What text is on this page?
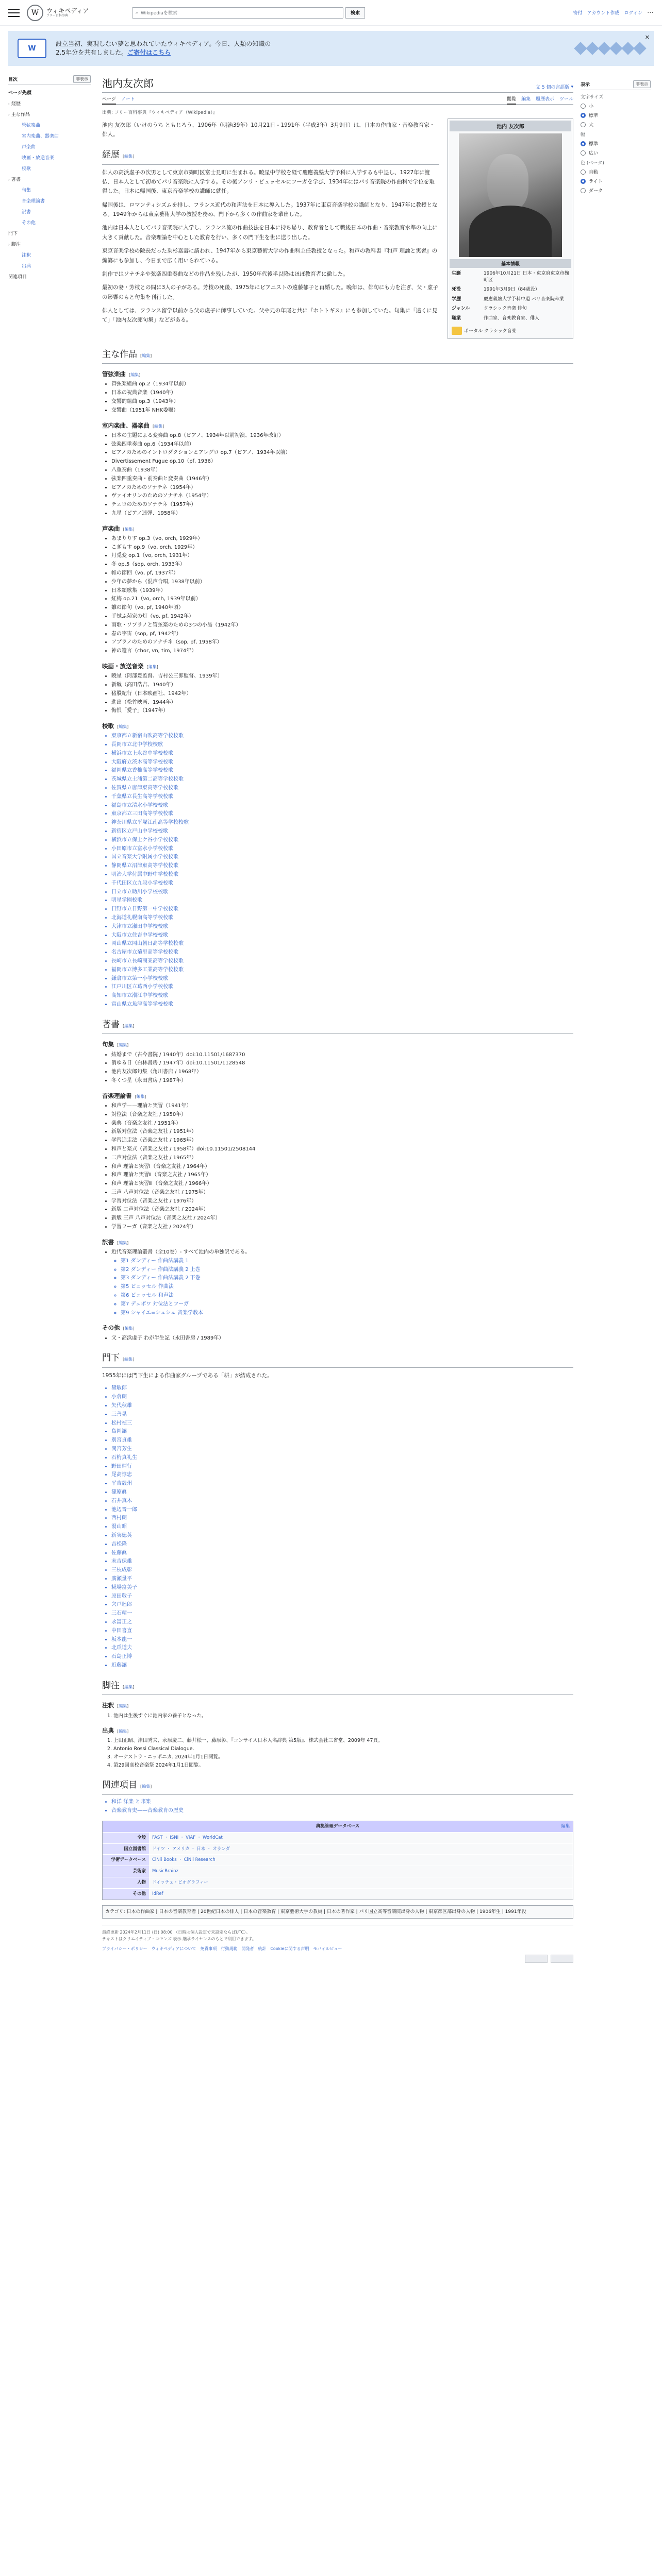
W	ウィキペディア
フリー百科事典
⌕ Wikipediaを検索	検索	寄付 アカウント作成 ログイン ⋯
W
設立当初、実現しない夢と思われていたウィキペディア。今日、人類の知識の2.5年分を共有しました。ご寄付はこちら
✕
目次	非表示
ページ先頭
› 経歴
› 主な作品
管弦楽曲
室内楽曲、器楽曲
声楽曲
映画・放送音楽
校歌
› 著書
句集
音楽理論書
訳書
その他
門下
› 脚注
注釈
出典
関連項目
池内友次郎	文 5 個の言語版 ▾
ページ ノート	閲覧 編集 履歴表示 ツール
出典: フリー百科事典『ウィキペディア（Wikipedia）』

池内 友次郎（いけのうち ともじろう、1906年（明治39年）10月21日 - 1991年（平成3年）3月9日）は、日本の作曲家・音楽教育家・俳人。

経歴 [編集]

俳人の高浜虚子の次男として東京市麹町区富士見町に生まれる。暁星中学校を経て慶應義塾大学予科に入学するも中退し、1927年に渡仏、日本人として初めてパリ音楽院に入学する。その後アンリ・ビュッセルにフーガを学び、1934年にはパリ音楽院の作曲科で学位を取得した。日本に帰国後、東京音楽学校の講師に就任。

帰国後は、ロマンティシズムを排し、フランス近代の和声法を日本に導入した。1937年に東京音楽学校の講師となり、1947年に教授となる。1949年からは東京藝術大学の教授を務め、門下から多くの作曲家を輩出した。

池内は日本人としてパリ音楽院に入学し、フランス流の作曲技法を日本に持ち帰り、教育者として戦後日本の作曲・音楽教育水準の向上に大きく貢献した。音楽理論を中心とした教育を行い、多くの門下生を世に送り出した。

東京音楽学校の院長だった乗杉嘉壽に請われ、1947年から東京藝術大学の作曲科主任教授となった。和声の教科書『和声 理論と実習』の編纂にも参加し、今日まで広く用いられている。

創作ではソナチネや弦楽四重奏曲などの作品を残したが、1950年代後半以降はほぼ教育者に徹した。

最初の妻・芳枝との間に3人の子がある。芳枝の死後、1975年にピアニストの遠藤郁子と再婚した。晩年は、俳句にも力を注ぎ、父・虚子の影響のもと句集を刊行した。

俳人としては、フランス留学以前から父の虚子に師事していた。父や兄の年尾と共に『ホトトギス』にも参加していた。句集に「遠くに見て」「池内友次郎句集」などがある。

池内 友次郎
基本情報
生誕	1906年10月21日 日本・東京府東京市麹町区
死没	1991年3月9日（84歳没）
学歴	慶應義塾大学予科中退 パリ音楽院卒業
ジャンル	クラシック音楽 俳句
職業	作曲家、音楽教育家、俳人
ポータル クラシック音楽
主な作品 [編集]
管弦楽曲 [編集]
• 管弦楽組曲 op.2（1934年以前）
• 日本の祝典音楽（1940年）
• 交響的組曲 op.3（1943年）
• 交響曲（1951年 NHK委嘱）
室内楽曲、器楽曲 [編集]
• 日本の主題による変奏曲 op.8（ピアノ、1934年以前初演、1936年改訂）
• 弦楽四重奏曲 op.6（1934年以前）
• ピアノのためのイントロダクションとアレグロ op.7（ピアノ、1934年以前）
• Divertissement Fugue op.10（pf, 1936）
• 八重奏曲（1938年）
• 弦楽四重奏曲・前奏曲と変奏曲（1946年）
• ピアノのためのソナチネ（1954年）
• ヴァイオリンのためのソナチネ（1954年）
• チェロのためのソナチネ（1957年）
• 九星（ピアノ連弾、1958年）
声楽曲 [編集]
• あまりりす op.3（vo, orch, 1929年）
• こぎもす op.9（vo, orch, 1929年）
• 月兎変 op.1（vo, orch, 1931年）
• 冬 op.5（sop, orch, 1933年）
• 帷の節回（vo, pf, 1937年）
• 少年の夢から（混声合唱, 1938年以前）
• 日本頌歌集（1939年）
• 紅梅 op.21（vo, orch, 1939年以前）
• 雛の節句（vo, pf, 1940年頃）
• 手拭ふ菊家の灯（vo, pf, 1942年）
• 雨歌・ソプラノと管弦楽のための3つの小品（1942年）
• 春の宇宙（sop, pf, 1942年）
• ソプラノのためのソナチネ（sop, pf, 1958年）
• 神の遺言（chor, vn, tim, 1974年）
映画・放送音楽 [編集]
• 暁星（阿部豊監督、吉村公三郎監督、1939年）
• 新戦（高田浩吉、1940年）
• 猪股紀行（日本映画社、1942年）
• 進出（松竹映画、1944年）
• 悔恨「愛子」（1947年）
校歌 [編集]
• 東京都立新宿山吹高等学校校歌
• 長岡市立北中学校校歌
• 横浜市立上永谷中学校校歌
• 大阪府立茨木高等学校校歌
• 福岡県立香椎高等学校校歌
• 茨城県立土浦第二高等学校校歌
• 佐賀県立唐津東高等学校校歌
• 千葉県立長生高等学校校歌
• 福島市立清水小学校校歌
• 東京都立三田高等学校校歌
• 神奈川県立平塚江南高等学校校歌
• 新宿区立戸山中学校校歌
• 横浜市立保土ケ谷小学校校歌
• 小田原市立富水小学校校歌
• 国立音楽大学附属小学校校歌
• 静岡県立沼津東高等学校校歌
• 明治大学付属中野中学校校歌
• 千代田区立九段小学校校歌
• 日立市立助川小学校校歌
• 明星学園校歌
• 日野市立日野第一中学校校歌
• 北海道札幌南高等学校校歌
• 大津市立瀬田中学校校歌
• 大阪市立住吉中学校校歌
• 岡山県立岡山朝日高等学校校歌
• 名古屋市立菊里高等学校校歌
• 長崎市立長崎商業高等学校校歌
• 福岡市立博多工業高等学校校歌
• 鎌倉市立第一小学校校歌
• 江戸川区立葛西小学校校歌
• 高知市立潮江中学校校歌
• 富山県立魚津高等学校校歌
著書 [編集]
句集 [編集]
• 結婚まで（古今書院 / 1940年）doi:10.11501/1687370
• 消ゆる日（白林書房 / 1947年）doi:10.11501/1128548
• 池内友次郎句集（角川書店 / 1968年）
• 冬くつ星（永田書房 / 1987年）
音楽理論書 [編集]
• 和声学——理論と実習（1941年）
• 対位法（音楽之友社 / 1950年）
• 楽典（音楽之友社 / 1951年）
• 新版対位法（音楽之友社 / 1951年）
• 学習追走法（音楽之友社 / 1965年）
• 和声と楽式（音楽之友社 / 1958年）doi:10.11501/2508144
• 二声対位法（音楽之友社 / 1965年）
• 和声 理論と実習Ⅰ（音楽之友社 / 1964年）
• 和声 理論と実習Ⅱ（音楽之友社 / 1965年）
• 和声 理論と実習Ⅲ（音楽之友社 / 1966年）
• 三声 八声対位法（音楽之友社 / 1975年）
• 学習対位法（音楽之友社 / 1976年）
• 新版 二声対位法（音楽之友社 / 2024年）
• 新版 三声 八声対位法（音楽之友社 / 2024年）
• 学習フーガ（音楽之友社 / 2024年）
訳書 [編集]
• 近代音楽理論叢書（全10巻）- すべて池内の単独訳である。
◦ 第1 ダンディー 作曲法講義 1
◦ 第2 ダンディー 作曲法講義 2 上巻
◦ 第3 ダンディー 作曲法講義 2 下巻
◦ 第5 ビュッセル 作曲法
◦ 第6 ビュッセル 和声法
◦ 第7 デュボワ 対位法とフーガ
◦ 第9 シャイエ=シュシュ 音楽学教本
その他 [編集]
• 父・高浜虚子 わが半生記（永田書房 / 1989年）
門下 [編集]

1955年には門下生による作曲家グループである「耕」が結成された。

• 黛敏郎
• 小倉朗
• 矢代秋雄
• 三善晃
• 松村禎三
• 島岡譲
• 別宮貞雄
• 間宮芳生
• 石桁真礼生
• 野田暉行
• 尾高惇忠
• 平吉毅州
• 篠原眞
• 石井真木
• 池辺晋一郎
• 西村朗
• 湯山昭
• 新実徳英
• 吉松隆
• 佐藤眞
• 末吉保雄
• 三枝成彰
• 廣瀬量平
• 糀場富美子
• 原田敬子
• 宍戸睦郎
• 三石精一
• 永冨正之
• 中田喜直
• 坂本龍一
• 北爪道夫
• 石島正博
• 近藤譲
脚注 [編集]
注釈 [編集]
1. 池内は生後すぐに池内家の養子となった。
出典 [編集]
1. 上田正昭、津田秀夫、永原慶二、藤井松一、藤原彰、『コンサイス日本人名辞典 第5版』、株式会社三省堂、2009年 47頁。
2. Antonio Rossi Classical Dialogue.
3. オーケストラ・ニッポニカ. 2024年1月1日閲覧。
4. 第29回高校音楽祭 2024年1月1日閲覧。
関連項目 [編集]
• 和洋 洋楽 と邦楽
• 音楽教育史——音楽教育の歴史
編集
典拠管理データベース
全般	FAST ・ ISNI ・ VIAF ・ WorldCat
国立図書館	ドイツ ・ アメリカ ・ 日本 ・ オランダ
学術データベース	CiNii Books ・ CiNii Research
芸術家	MusicBrainz
人物	ドイッチェ・ビオグラフィー
その他	IdRef
カテゴリ: 日本の作曲家 | 日本の音楽教育者 | 20世紀日本の俳人 | 日本の音楽教育 | 東京藝術大学の教員 | 日本の著作家 | パリ国立高等音楽院出身の人物 | 東京都区部出身の人物 | 1906年生 | 1991年没
最終更新 2024年2月11日 (日) 08:00 （日時は個人設定で未設定ならばUTC）。
テキストはクリエイティブ・コモンズ 表示-継承ライセンスのもとで利用できます。
プライバシー・ポリシー ウィキペディアについて 免責事項 行動規範 開発者 統計 Cookieに関する声明 モバイルビュー
表示	非表示
文字サイズ
小
標準
大
幅
標準
広い
色 (ベータ)
自動
ライト
ダーク
